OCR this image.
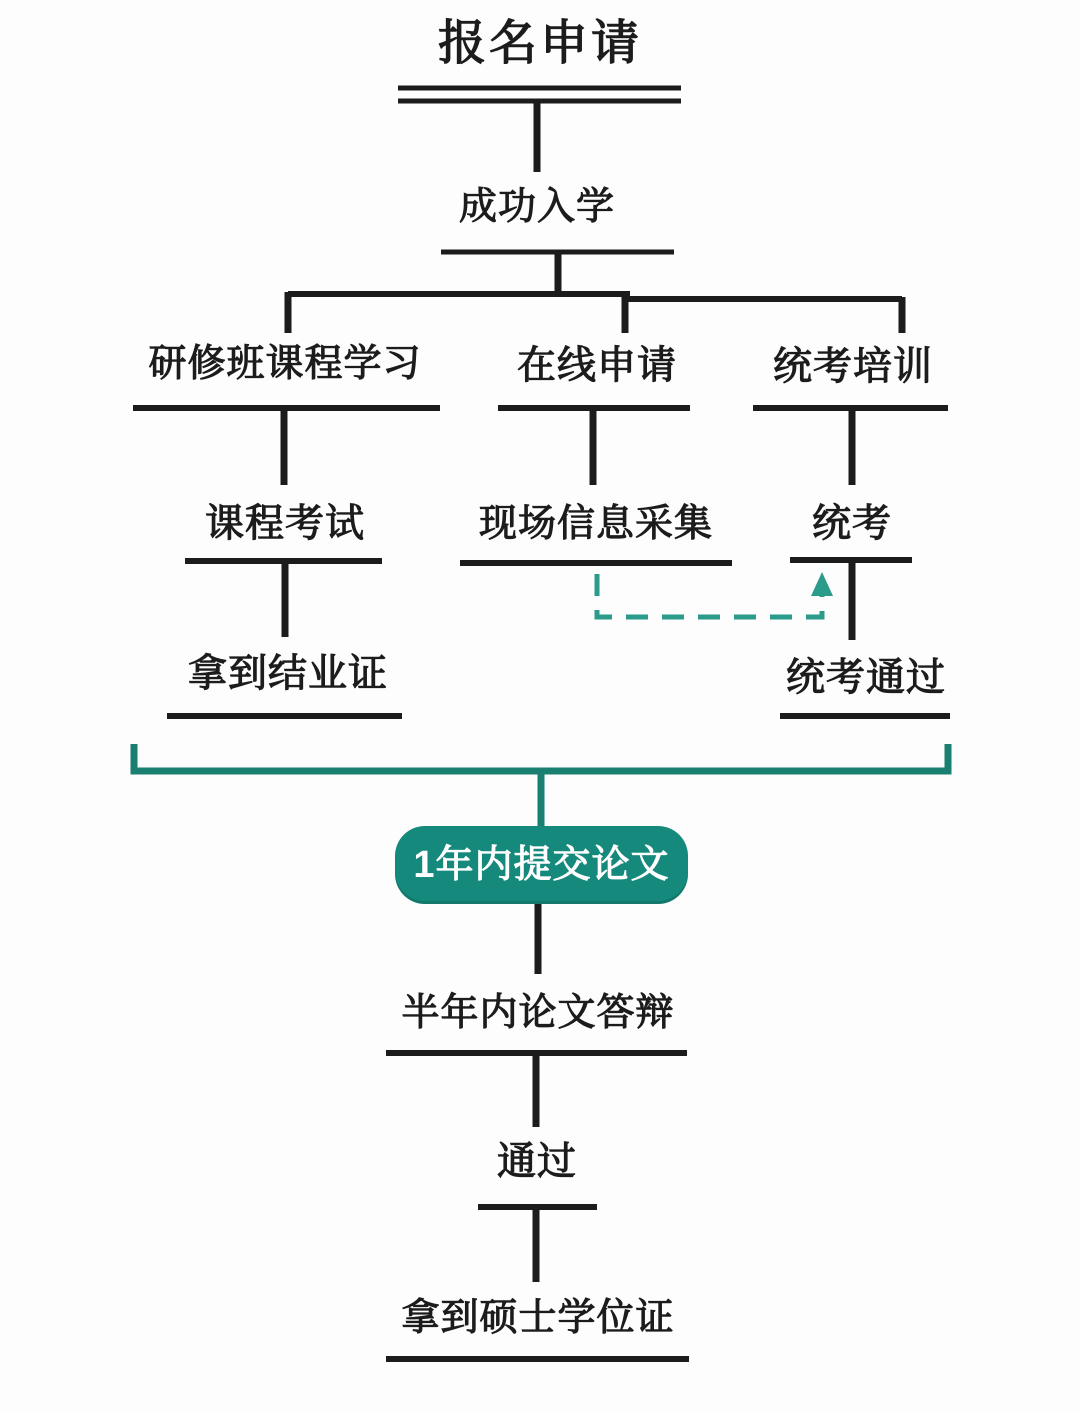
报名申请
成功入学
研修班课程学习 在线申请 统考培训
课程考试	现场信息采集	统考
拿到结业证	统考通过
1年内提交论文
半年内论文答辩
通过
拿到硕士学位证
